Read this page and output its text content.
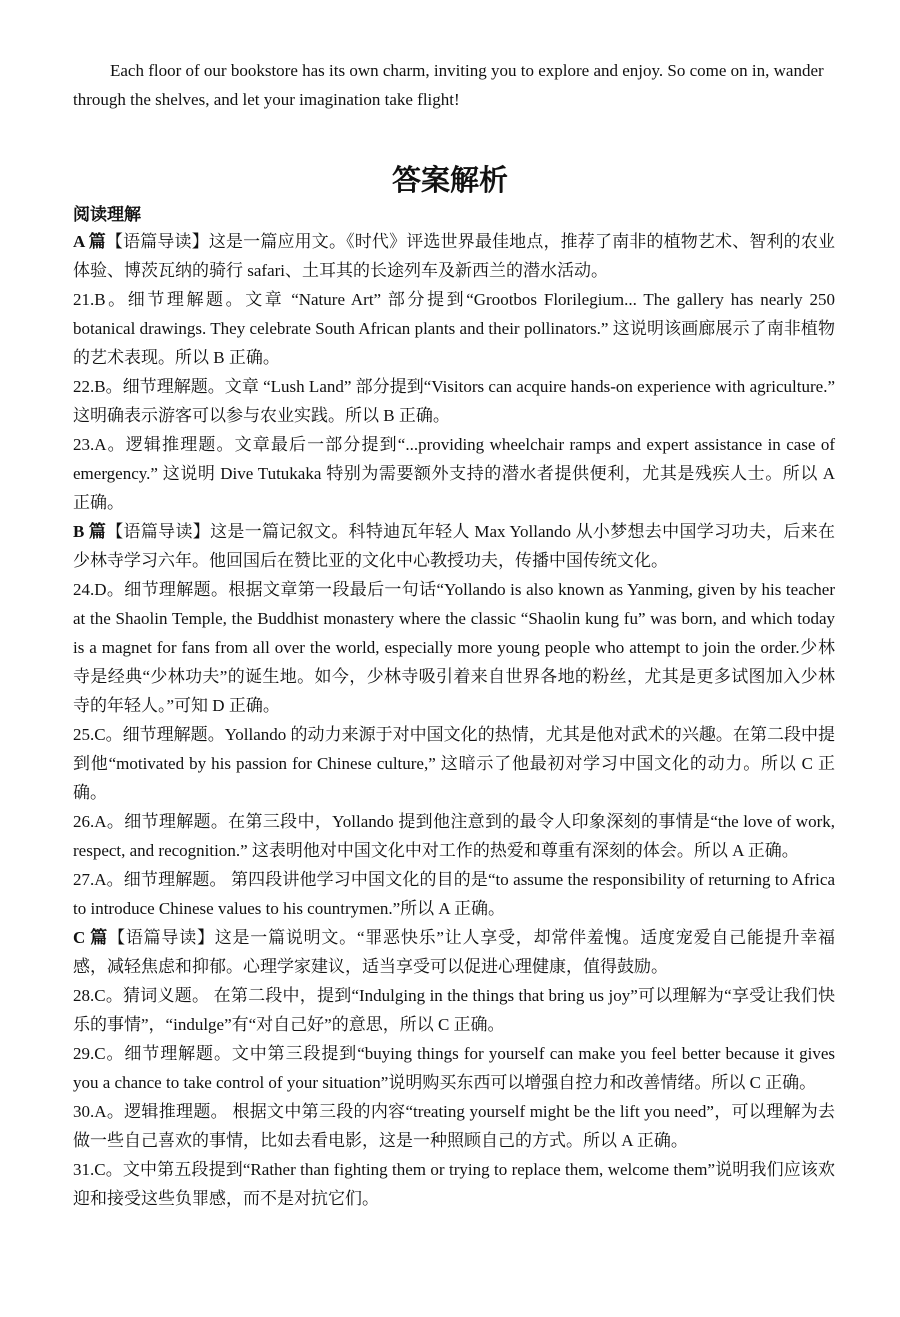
Each floor of our bookstore has its own charm, inviting you to explore and enjoy. So come on in, wander through the shelves, and let your imagination take flight!

答案解析
阅读理解

A 篇【语篇导读】这是一篇应用文。《时代》评选世界最佳地点，推荐了南非的植物艺术、智利的农业体验、博茨瓦纳的骑行 safari、土耳其的长途列车及新西兰的潜水活动。

21.B。细节理解题。文章 “Nature Art” 部分提到“Grootbos Florilegium... The gallery has nearly 250 botanical drawings. They celebrate South African plants and their pollinators.” 这说明该画廊展示了南非植物的艺术表现。所以 B 正确。

22.B。细节理解题。文章 “Lush Land” 部分提到“Visitors can acquire hands-on experience with agriculture.” 这明确表示游客可以参与农业实践。所以 B 正确。

23.A。逻辑推理题。文章最后一部分提到“...providing wheelchair ramps and expert assistance in case of emergency.” 这说明 Dive Tutukaka 特别为需要额外支持的潜水者提供便利，尤其是残疾人士。所以 A 正确。

B 篇【语篇导读】这是一篇记叙文。科特迪瓦年轻人 Max Yollando 从小梦想去中国学习功夫，后来在少林寺学习六年。他回国后在赞比亚的文化中心教授功夫，传播中国传统文化。

24.D。细节理解题。根据文章第一段最后一句话“Yollando is also known as Yanming, given by his teacher at the Shaolin Temple, the Buddhist monastery where the classic “Shaolin kung fu” was born, and which today is a magnet for fans from all over the world, especially more young people who attempt to join the order.少林寺是经典“少林功夫”的诞生地。如今，少林寺吸引着来自世界各地的粉丝，尤其是更多试图加入少林寺的年轻人。”可知 D 正确。

25.C。细节理解题。Yollando 的动力来源于对中国文化的热情，尤其是他对武术的兴趣。在第二段中提到他“motivated by his passion for Chinese culture,” 这暗示了他最初对学习中国文化的动力。所以 C 正确。

26.A。细节理解题。在第三段中，Yollando 提到他注意到的最令人印象深刻的事情是“the love of work, respect, and recognition.” 这表明他对中国文化中对工作的热爱和尊重有深刻的体会。所以 A 正确。

27.A。细节理解题。 第四段讲他学习中国文化的目的是“to assume the responsibility of returning to Africa to introduce Chinese values to his countrymen.”所以 A 正确。

C 篇【语篇导读】这是一篇说明文。“罪恶快乐”让人享受，却常伴羞愧。适度宠爱自己能提升幸福感，减轻焦虑和抑郁。心理学家建议，适当享受可以促进心理健康，值得鼓励。

28.C。猜词义题。 在第二段中，提到“Indulging in the things that bring us joy”可以理解为“享受让我们快乐的事情”，“indulge”有“对自己好”的意思，所以 C 正确。

29.C。细节理解题。文中第三段提到“buying things for yourself can make you feel better because it gives you a chance to take control of your situation”说明购买东西可以增强自控力和改善情绪。所以 C 正确。

30.A。逻辑推理题。 根据文中第三段的内容“treating yourself might be the lift you need”，可以理解为去做一些自己喜欢的事情，比如去看电影，这是一种照顾自己的方式。所以 A 正确。

31.C。文中第五段提到“Rather than fighting them or trying to replace them, welcome them”说明我们应该欢迎和接受这些负罪感，而不是对抗它们。
